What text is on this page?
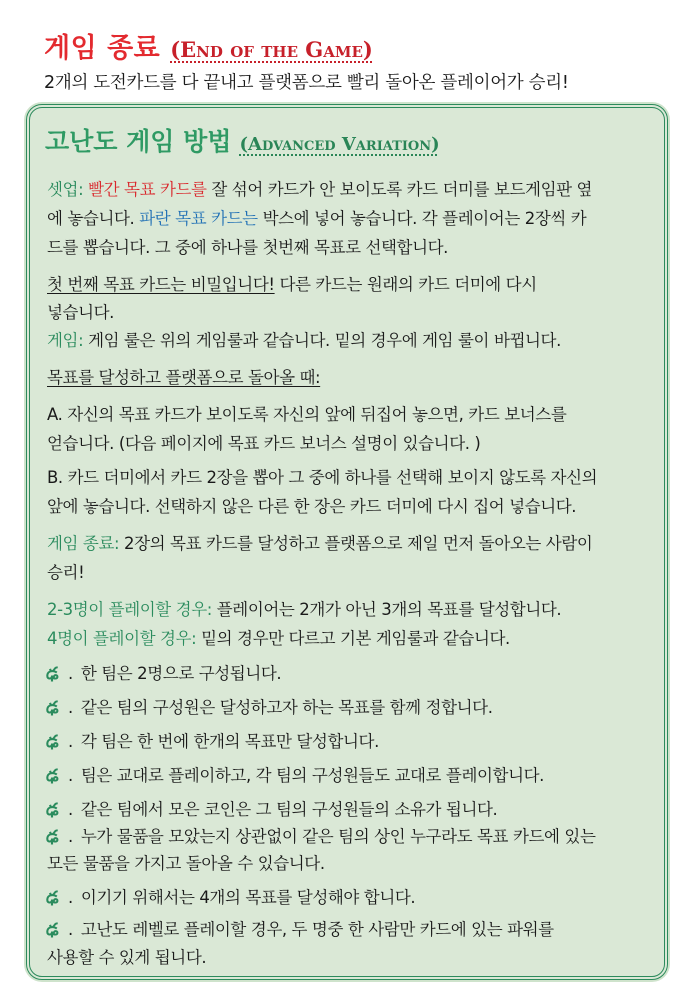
게임 종료 (End of the Game)
2개의 도전카드를 다 끝내고 플랫폼으로 빨리 돌아온 플레이어가 승리!
고난도 게임 방법 (Advanced Variation)
셋업: 빨간 목표 카드를 잘 섞어 카드가 안 보이도록 카드 더미를 보드게임판 옆
에 놓습니다. 파란 목표 카드는 박스에 넣어 놓습니다. 각 플레이어는 2장씩 카
드를 뽑습니다. 그 중에 하나를 첫번째 목표로 선택합니다.
첫 번째 목표 카드는 비밀입니다! 다른 카드는 원래의 카드 더미에 다시
넣습니다.
게임: 게임 룰은 위의 게임룰과 같습니다. 밑의 경우에 게임 룰이 바뀝니다.
목표를 달성하고 플랫폼으로 돌아올 때:
A. 자신의 목표 카드가 보이도록 자신의 앞에 뒤집어 놓으면, 카드 보너스를
얻습니다. (다음 페이지에 목표 카드 보너스 설명이 있습니다. )
B. 카드 더미에서 카드 2장을 뽑아 그 중에 하나를 선택해 보이지 않도록 자신의
앞에 놓습니다. 선택하지 않은 다른 한 장은 카드 더미에 다시 집어 넣습니다.
게임 종료: 2장의 목표 카드를 달성하고 플랫폼으로 제일 먼저 돌아오는 사람이
승리!
2-3명이 플레이할 경우: 플레이어는 2개가 아닌 3개의 목표를 달성합니다.
4명이 플레이할 경우: 밑의 경우만 다르고 기본 게임룰과 같습니다.
ఢ . 한 팀은 2명으로 구성됩니다.
ఢ . 같은 팀의 구성원은 달성하고자 하는 목표를 함께 정합니다.
ఢ . 각 팀은 한 번에 한개의 목표만 달성합니다.
ఢ . 팀은 교대로 플레이하고, 각 팀의 구성원들도 교대로 플레이합니다.
ఢ . 같은 팀에서 모은 코인은 그 팀의 구성원들의 소유가 됩니다.
ఢ . 누가 물품을 모았는지 상관없이 같은 팀의 상인 누구라도 목표 카드에 있는
모든 물품을 가지고 돌아올 수 있습니다.
ఢ . 이기기 위해서는 4개의 목표를 달성해야 합니다.
ఢ . 고난도 레벨로 플레이할 경우, 두 명중 한 사람만 카드에 있는 파워를
사용할 수 있게 됩니다.
